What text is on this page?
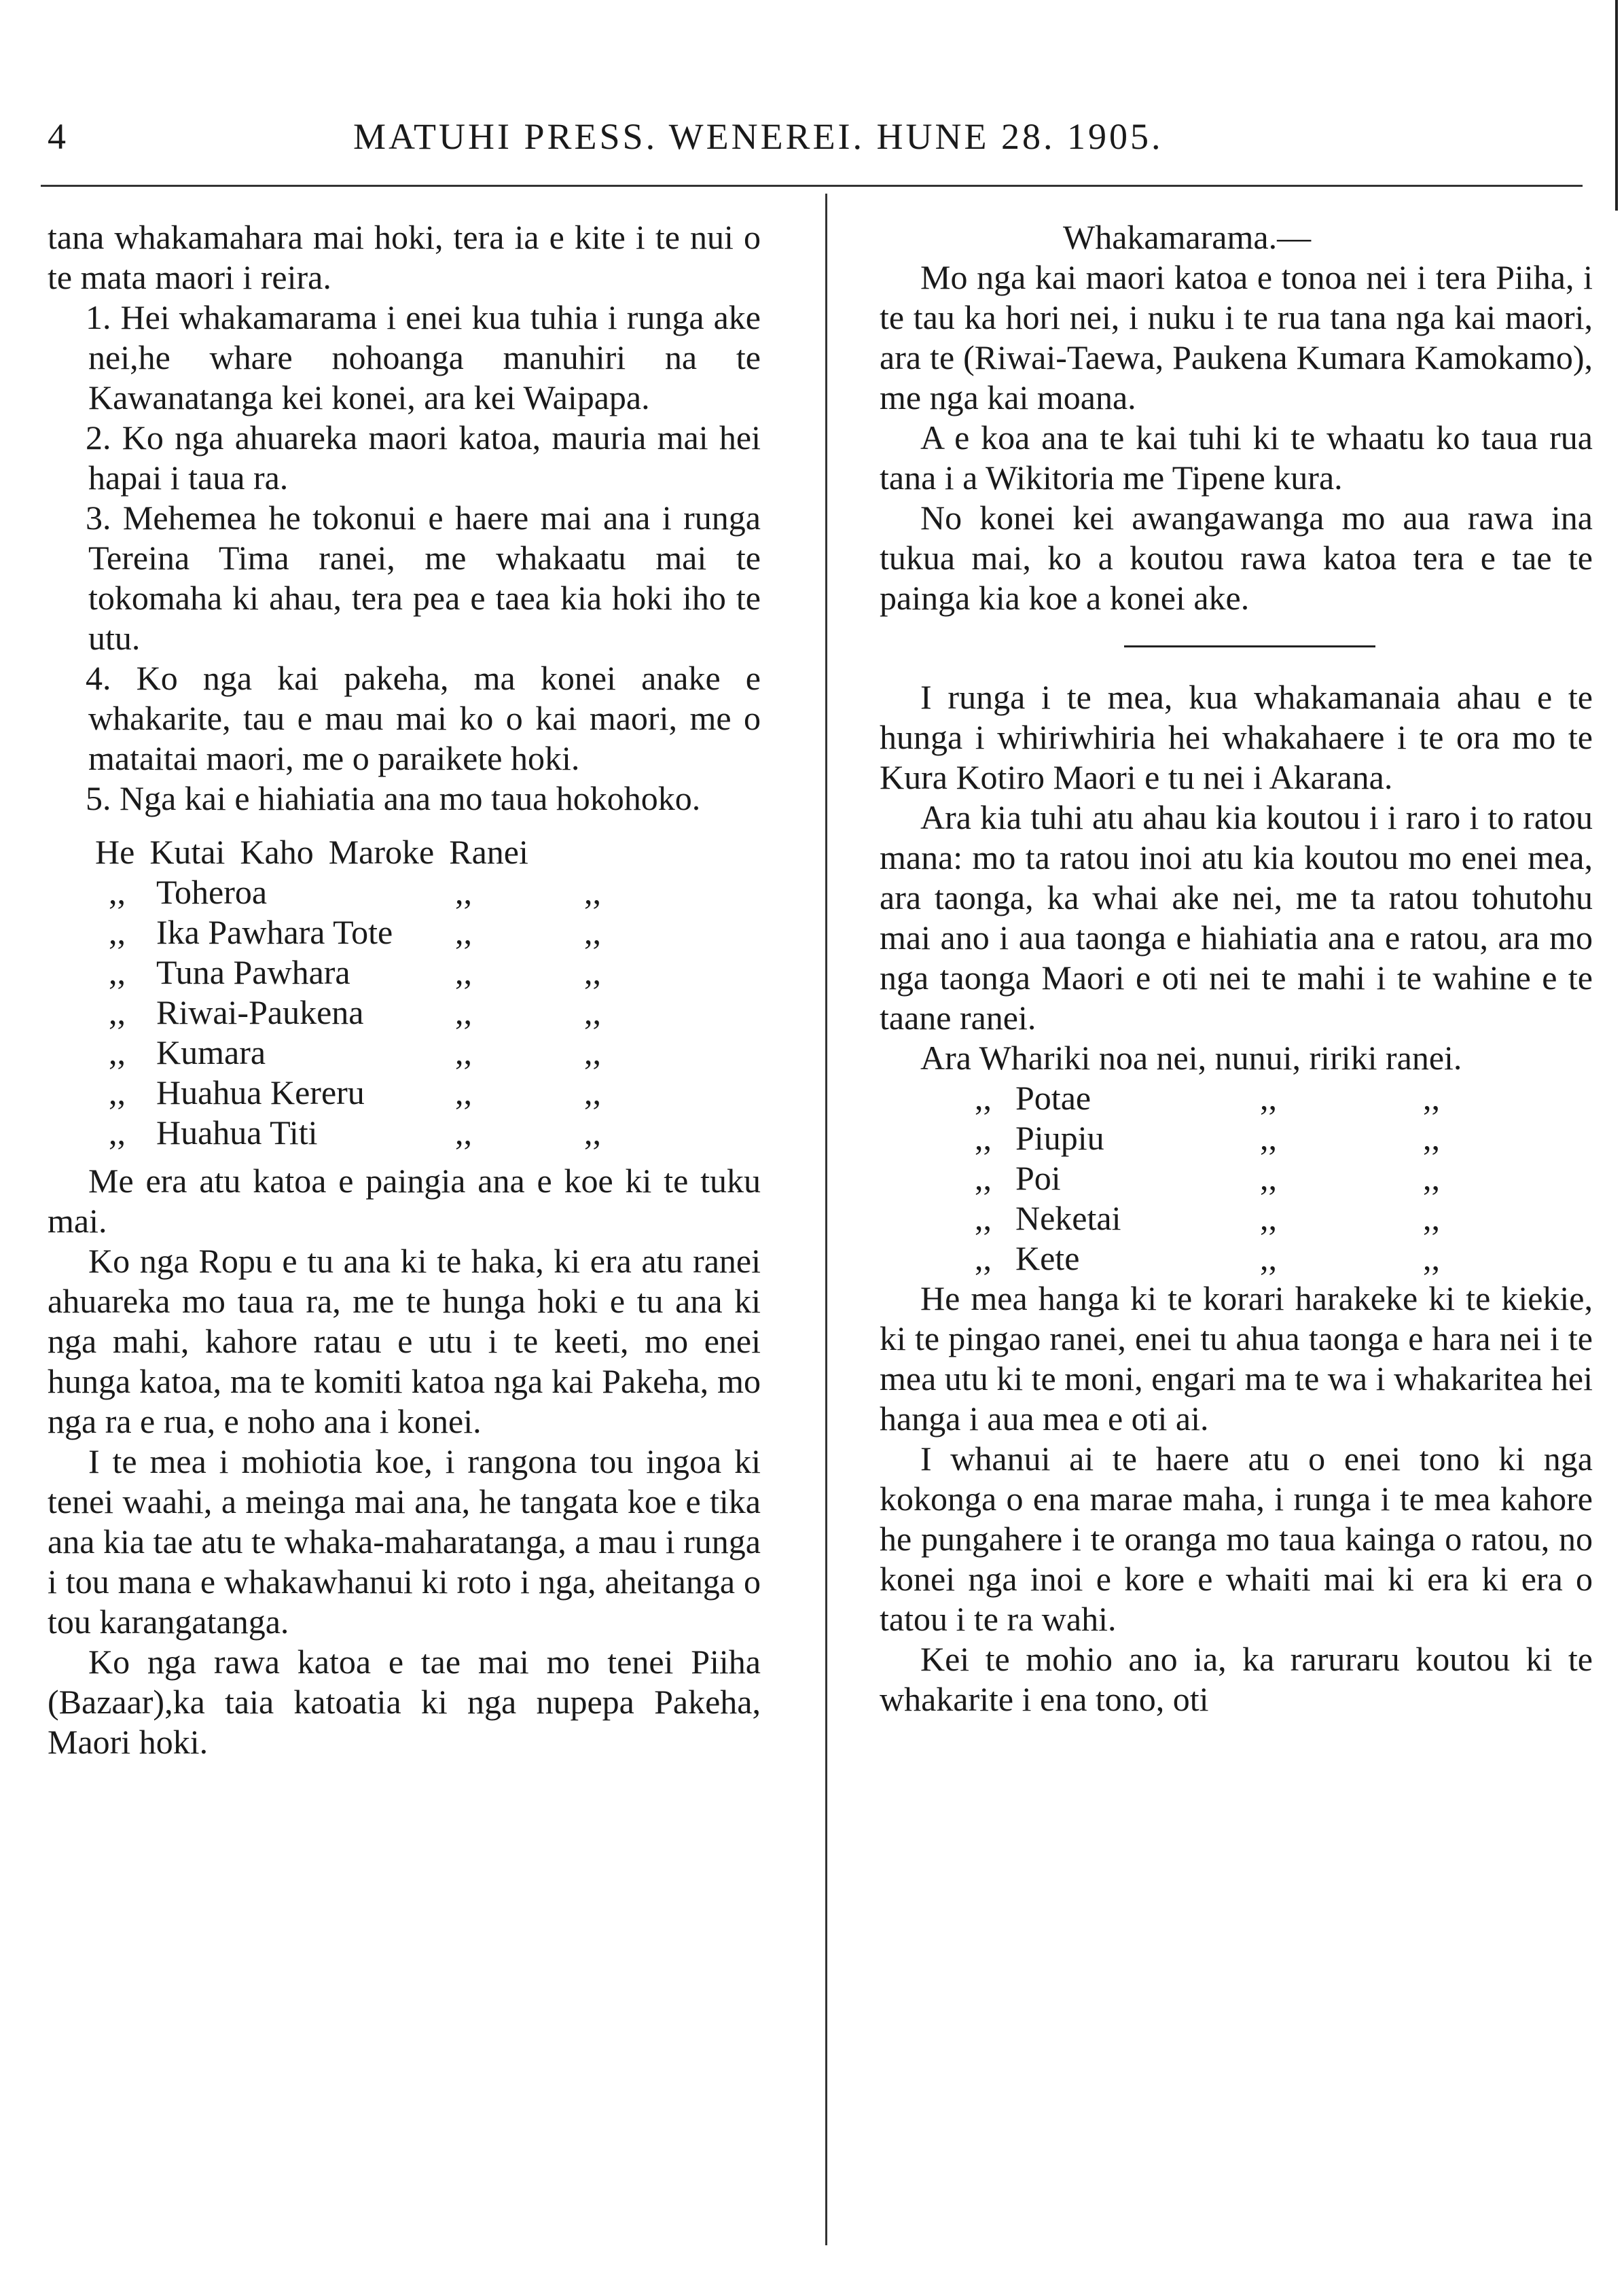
4	MATUHI PRESS. WENEREI. HUNE 28. 1905.

tana whakamahara mai hoki, tera ia e kite i te nui o te mata maori i reira.

1. Hei whakamarama i enei kua tuhia i runga ake nei,he whare nohoanga manuhiri na te Kawanatanga kei konei, ara kei Waipapa.

2. Ko nga ahuareka maori katoa, mauria mai hei hapai i taua ra.

3. Mehemea he tokonui e haere mai ana i runga Tereina Tima ranei, me whakaatu mai te tokomaha ki ahau, tera pea e taea kia hoki iho te utu.

4. Ko nga kai pakeha, ma konei anake e whakarite, tau e mau mai ko o kai maori, me o mataitai maori, me o paraikete hoki.

5. Nga kai e hiahiatia ana mo taua hokohoko.

He Kutai Kaho Maroke Ranei
,, Toheroa	,,	,,
,, Ika Pawhara Tote	,,	,,
,, Tuna Pawhara	,,	,,
,, Riwai-Paukena	,,	,,
,, Kumara	,,	,,
,, Huahua Kereru	,,	,,
,, Huahua Titi	,,	,,

Me era atu katoa e paingia ana e koe ki te tuku mai.

Ko nga Ropu e tu ana ki te haka, ki era atu ranei ahuareka mo taua ra, me te hunga hoki e tu ana ki nga mahi, kahore ratau e utu i te keeti, mo enei hunga katoa, ma te komiti katoa nga kai Pakeha, mo nga ra e rua, e noho ana i konei.

I te mea i mohiotia koe, i rangona tou ingoa ki tenei waahi, a meinga mai ana, he tangata koe e tika ana kia tae atu te whaka-maharatanga, a mau i runga i tou mana e whakawhanui ki roto i nga, aheitanga o tou karangatanga.

Ko nga rawa katoa e tae mai mo tenei Piiha (Bazaar),ka taia katoatia ki nga nupepa Pakeha, Maori hoki.

Whakamarama.—

Mo nga kai maori katoa e tonoa nei i tera Piiha, i te tau ka hori nei, i nuku i te rua tana nga kai maori, ara te (Riwai-Taewa, Paukena Kumara Kamokamo), me nga kai moana.

A e koa ana te kai tuhi ki te whaatu ko taua rua tana i a Wikitoria me Tipene kura.

No konei kei awangawanga mo aua rawa ina tukua mai, ko a koutou rawa katoa tera e tae te painga kia koe a konei ake.

I runga i te mea, kua whakamanaia ahau e te hunga i whiriwhiria hei whakahaere i te ora mo te Kura Kotiro Maori e tu nei i Akarana.

Ara kia tuhi atu ahau kia koutou i i raro i to ratou mana: mo ta ratou inoi atu kia koutou mo enei mea, ara taonga, ka whai ake nei, me ta ratou tohutohu mai ano i aua taonga e hiahiatia ana e ratou, ara mo nga taonga Maori e oti nei te mahi i te wahine e te taane ranei.

Ara Whariki noa nei, nunui, ririki ranei.

,, Potae	,,	,,
,, Piupiu	,,	,,
,, Poi	,,	,,
,, Neketai	,,	,,
,, Kete	,,	,,

He mea hanga ki te korari harakeke ki te kiekie, ki te pingao ranei, enei tu ahua taonga e hara nei i te mea utu ki te moni, engari ma te wa i whakaritea hei hanga i aua mea e oti ai.

I whanui ai te haere atu o enei tono ki nga kokonga o ena marae maha, i runga i te mea kahore he pungahere i te oranga mo taua kainga o ratou, no konei nga inoi e kore e whaiti mai ki era ki era o tatou i te ra wahi.

Kei te mohio ano ia, ka raruraru koutou ki te whakarite i ena tono, oti
